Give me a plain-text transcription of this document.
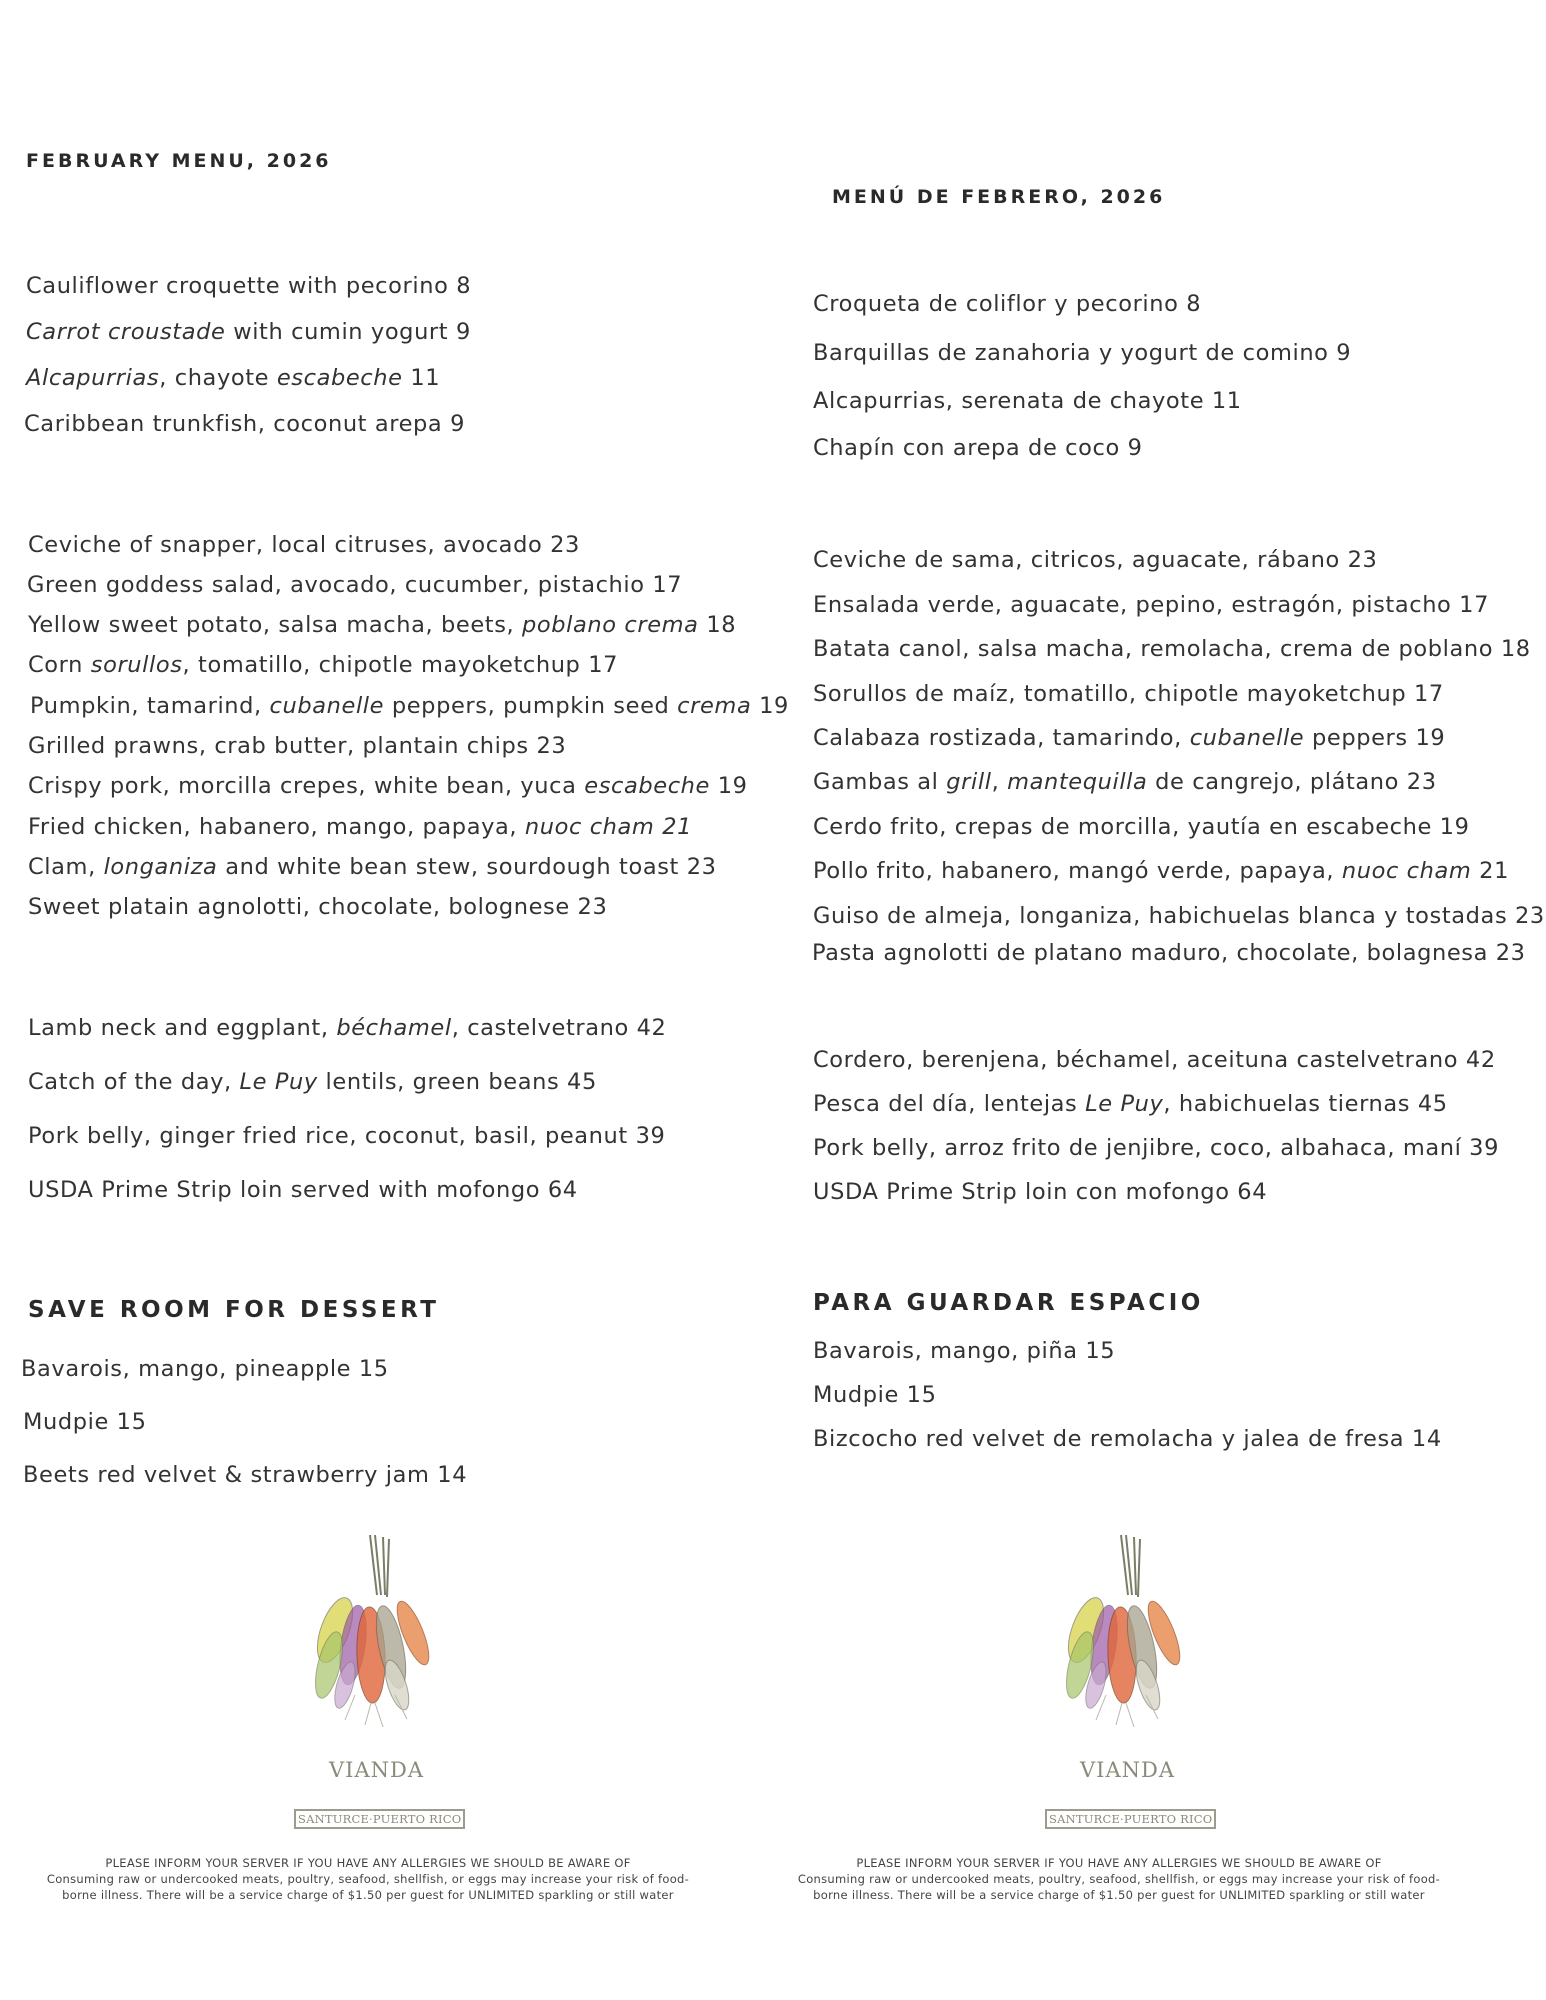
FEBRUARY MENU, 2026
Cauliflower croquette with pecorino 8
Carrot croustade with cumin yogurt 9
Alcapurrias, chayote escabeche 11
Caribbean trunkfish, coconut arepa 9
Ceviche of snapper, local citruses, avocado 23
Green goddess salad, avocado, cucumber, pistachio 17
Yellow sweet potato, salsa macha, beets, poblano crema 18
Corn sorullos, tomatillo, chipotle mayoketchup 17
Pumpkin, tamarind, cubanelle peppers, pumpkin seed crema 19
Grilled prawns, crab butter, plantain chips 23
Crispy pork, morcilla crepes, white bean, yuca escabeche 19
Fried chicken, habanero, mango, papaya, nuoc cham 21
Clam, longaniza and white bean stew, sourdough toast 23
Sweet platain agnolotti, chocolate, bolognese 23
Lamb neck and eggplant, béchamel, castelvetrano 42
Catch of the day, Le Puy lentils, green beans 45
Pork belly, ginger fried rice, coconut, basil, peanut 39
USDA Prime Strip loin served with mofongo 64
SAVE ROOM FOR DESSERT
Bavarois, mango, pineapple 15
Mudpie 15
Beets red velvet & strawberry jam 14
VIANDA
SANTURCE·PUERTO RICO
PLEASE INFORM YOUR SERVER IF YOU HAVE ANY ALLERGIES WE SHOULD BE AWARE OF
Consuming raw or undercooked meats, poultry, seafood, shellfish, or eggs may increase your risk of food-
borne illness. There will be a service charge of $1.50 per guest for UNLIMITED sparkling or still water
MENÚ DE FEBRERO, 2026
Croqueta de coliflor y pecorino 8
Barquillas de zanahoria y yogurt de comino 9
Alcapurrias, serenata de chayote 11
Chapín con arepa de coco 9
Ceviche de sama, citricos, aguacate, rábano 23
Ensalada verde, aguacate, pepino, estragón, pistacho 17
Batata canol, salsa macha, remolacha, crema de poblano 18
Sorullos de maíz, tomatillo, chipotle mayoketchup 17
Calabaza rostizada, tamarindo, cubanelle peppers 19
Gambas al grill, mantequilla de cangrejo, plátano 23
Cerdo frito, crepas de morcilla, yautía en escabeche 19
Pollo frito, habanero, mangó verde, papaya, nuoc cham 21
Guiso de almeja, longaniza, habichuelas blanca y tostadas 23
Pasta agnolotti de platano maduro, chocolate, bolagnesa 23
Cordero, berenjena, béchamel, aceituna castelvetrano 42
Pesca del día, lentejas Le Puy, habichuelas tiernas 45
Pork belly, arroz frito de jenjibre, coco, albahaca, maní 39
USDA Prime Strip loin con mofongo 64
PARA GUARDAR ESPACIO
Bavarois, mango, piña 15
Mudpie 15
Bizcocho red velvet de remolacha y jalea de fresa 14
VIANDA
SANTURCE·PUERTO RICO
PLEASE INFORM YOUR SERVER IF YOU HAVE ANY ALLERGIES WE SHOULD BE AWARE OF
Consuming raw or undercooked meats, poultry, seafood, shellfish, or eggs may increase your risk of food-
borne illness. There will be a service charge of $1.50 per guest for UNLIMITED sparkling or still water
